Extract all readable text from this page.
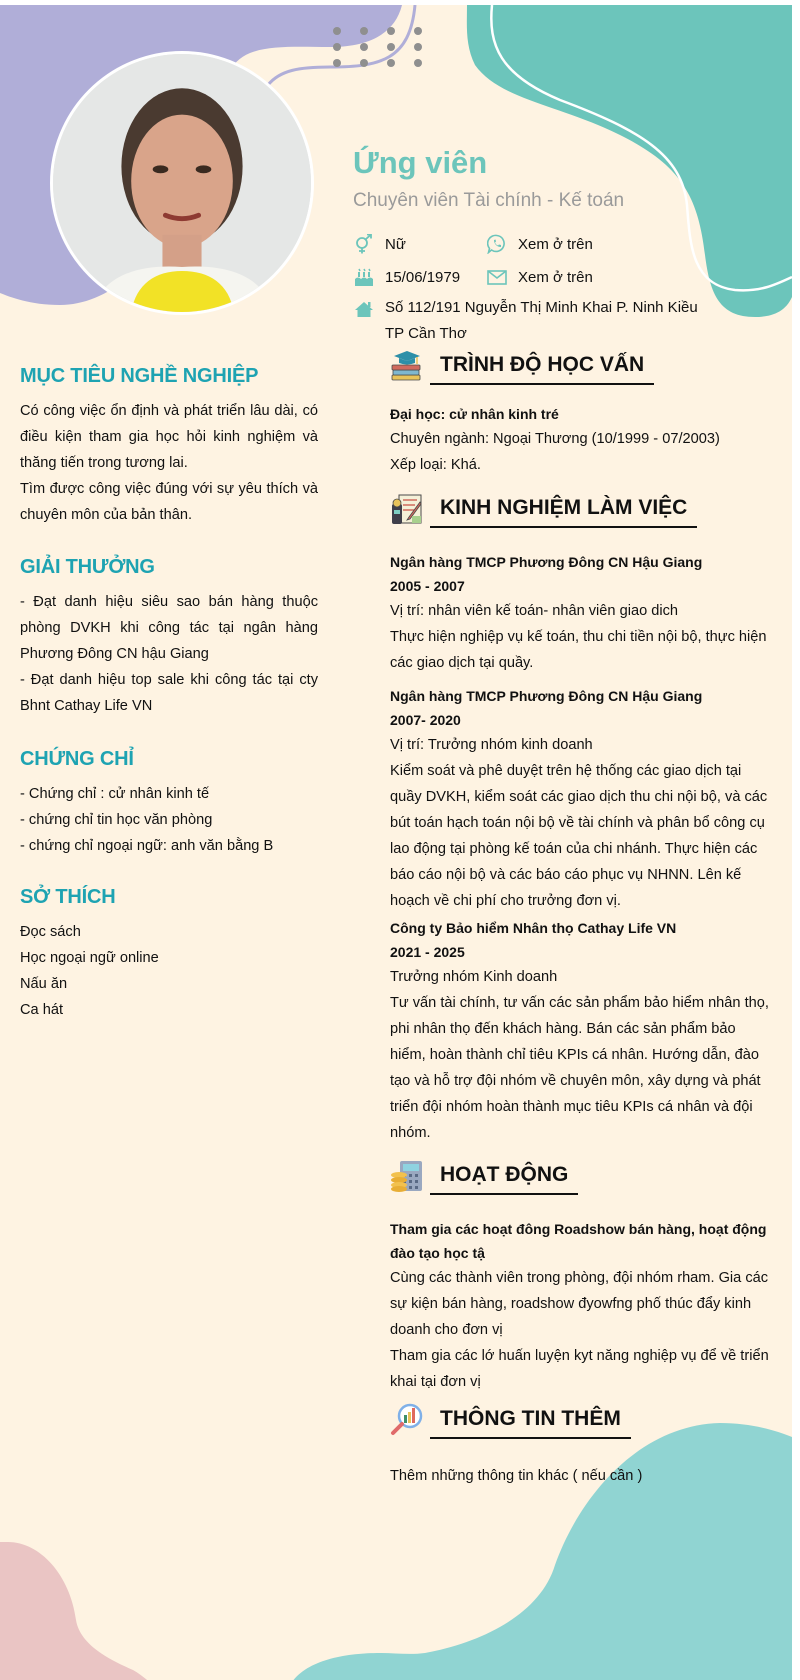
Ứng viên
Chuyên viên Tài chính - Kế toán
Nữ	Xem ở trên
15/06/1979	Xem ở trên
Số 112/191 Nguyễn Thị Minh Khai P. Ninh Kiều
TP Cần Thơ
MỤC TIÊU NGHỀ NGHIỆP

Có công việc ổn định và phát triển lâu dài, có điều kiện tham gia học hỏi kinh nghiệm và thăng tiến trong tương lai.

Tìm được công việc đúng với sự yêu thích và chuyên môn của bản thân.

GIẢI THƯỞNG

- Đạt danh hiệu siêu sao bán hàng thuộc phòng DVKH khi công tác tại ngân hàng Phương Đông CN hậu Giang

- Đạt danh hiệu top sale khi công tác tại cty Bhnt Cathay Life VN

CHỨNG CHỈ

- Chứng chỉ : cử nhân kinh tế

- chứng chỉ tin học văn phòng

- chứng chỉ ngoại ngữ: anh văn bằng B

SỞ THÍCH

Đọc sách

Học ngoại ngữ online

Nấu ăn

Ca hát

TRÌNH ĐỘ HỌC VẤN

Đại học: cử nhân kinh tré

Chuyên ngành: Ngoại Thương (10/1999 - 07/2003)

Xếp loại: Khá.

KINH NGHIỆM LÀM VIỆC

Ngân hàng TMCP Phương Đông CN Hậu Giang

2005 - 2007

Vị trí: nhân viên kế toán- nhân viên giao dich

Thực hiện nghiệp vụ kế toán, thu chi tiền nội bộ, thực hiện các giao dịch tại quầy.

Ngân hàng TMCP Phương Đông CN Hậu Giang

2007- 2020

Vị trí: Trưởng nhóm kinh doanh

Kiểm soát và phê duyệt trên hệ thống các giao dịch tại quầy DVKH, kiểm soát các giao dịch thu chi nội bộ, và các bút toán hạch toán nội bộ về tài chính và phân bổ công cụ lao động tại phòng kế toán của chi nhánh. Thực hiện các báo cáo nội bộ và các báo cáo phục vụ NHNN. Lên kế hoạch về chi phí cho trưởng đơn vị.

Công ty Bảo hiểm Nhân thọ Cathay Life VN

2021 - 2025

Trưởng nhóm Kinh doanh

Tư vấn tài chính, tư vấn các sản phẩm bảo hiểm nhân thọ, phi nhân thọ đến khách hàng. Bán các sản phẩm bảo hiểm, hoàn thành chỉ tiêu KPIs cá nhân. Hướng dẫn, đào tạo và hỗ trợ đội nhóm về chuyên môn, xây dựng và phát triển đội nhóm hoàn thành mục tiêu KPIs cá nhân và đội nhóm.

HOẠT ĐỘNG

Tham gia các hoạt đông Roadshow bán hàng, hoạt động đào tạo học tậ

Cùng các thành viên trong phòng, đội nhóm rham. Gia các sự kiện bán hàng, roadshow đyowfng phố thúc đẩy kinh doanh cho đơn vị

Tham gia các lớ huấn luyện kyt năng nghiệp vụ để về triển khai tại đơn vị

THÔNG TIN THÊM

Thêm những thông tin khác ( nếu cần )
